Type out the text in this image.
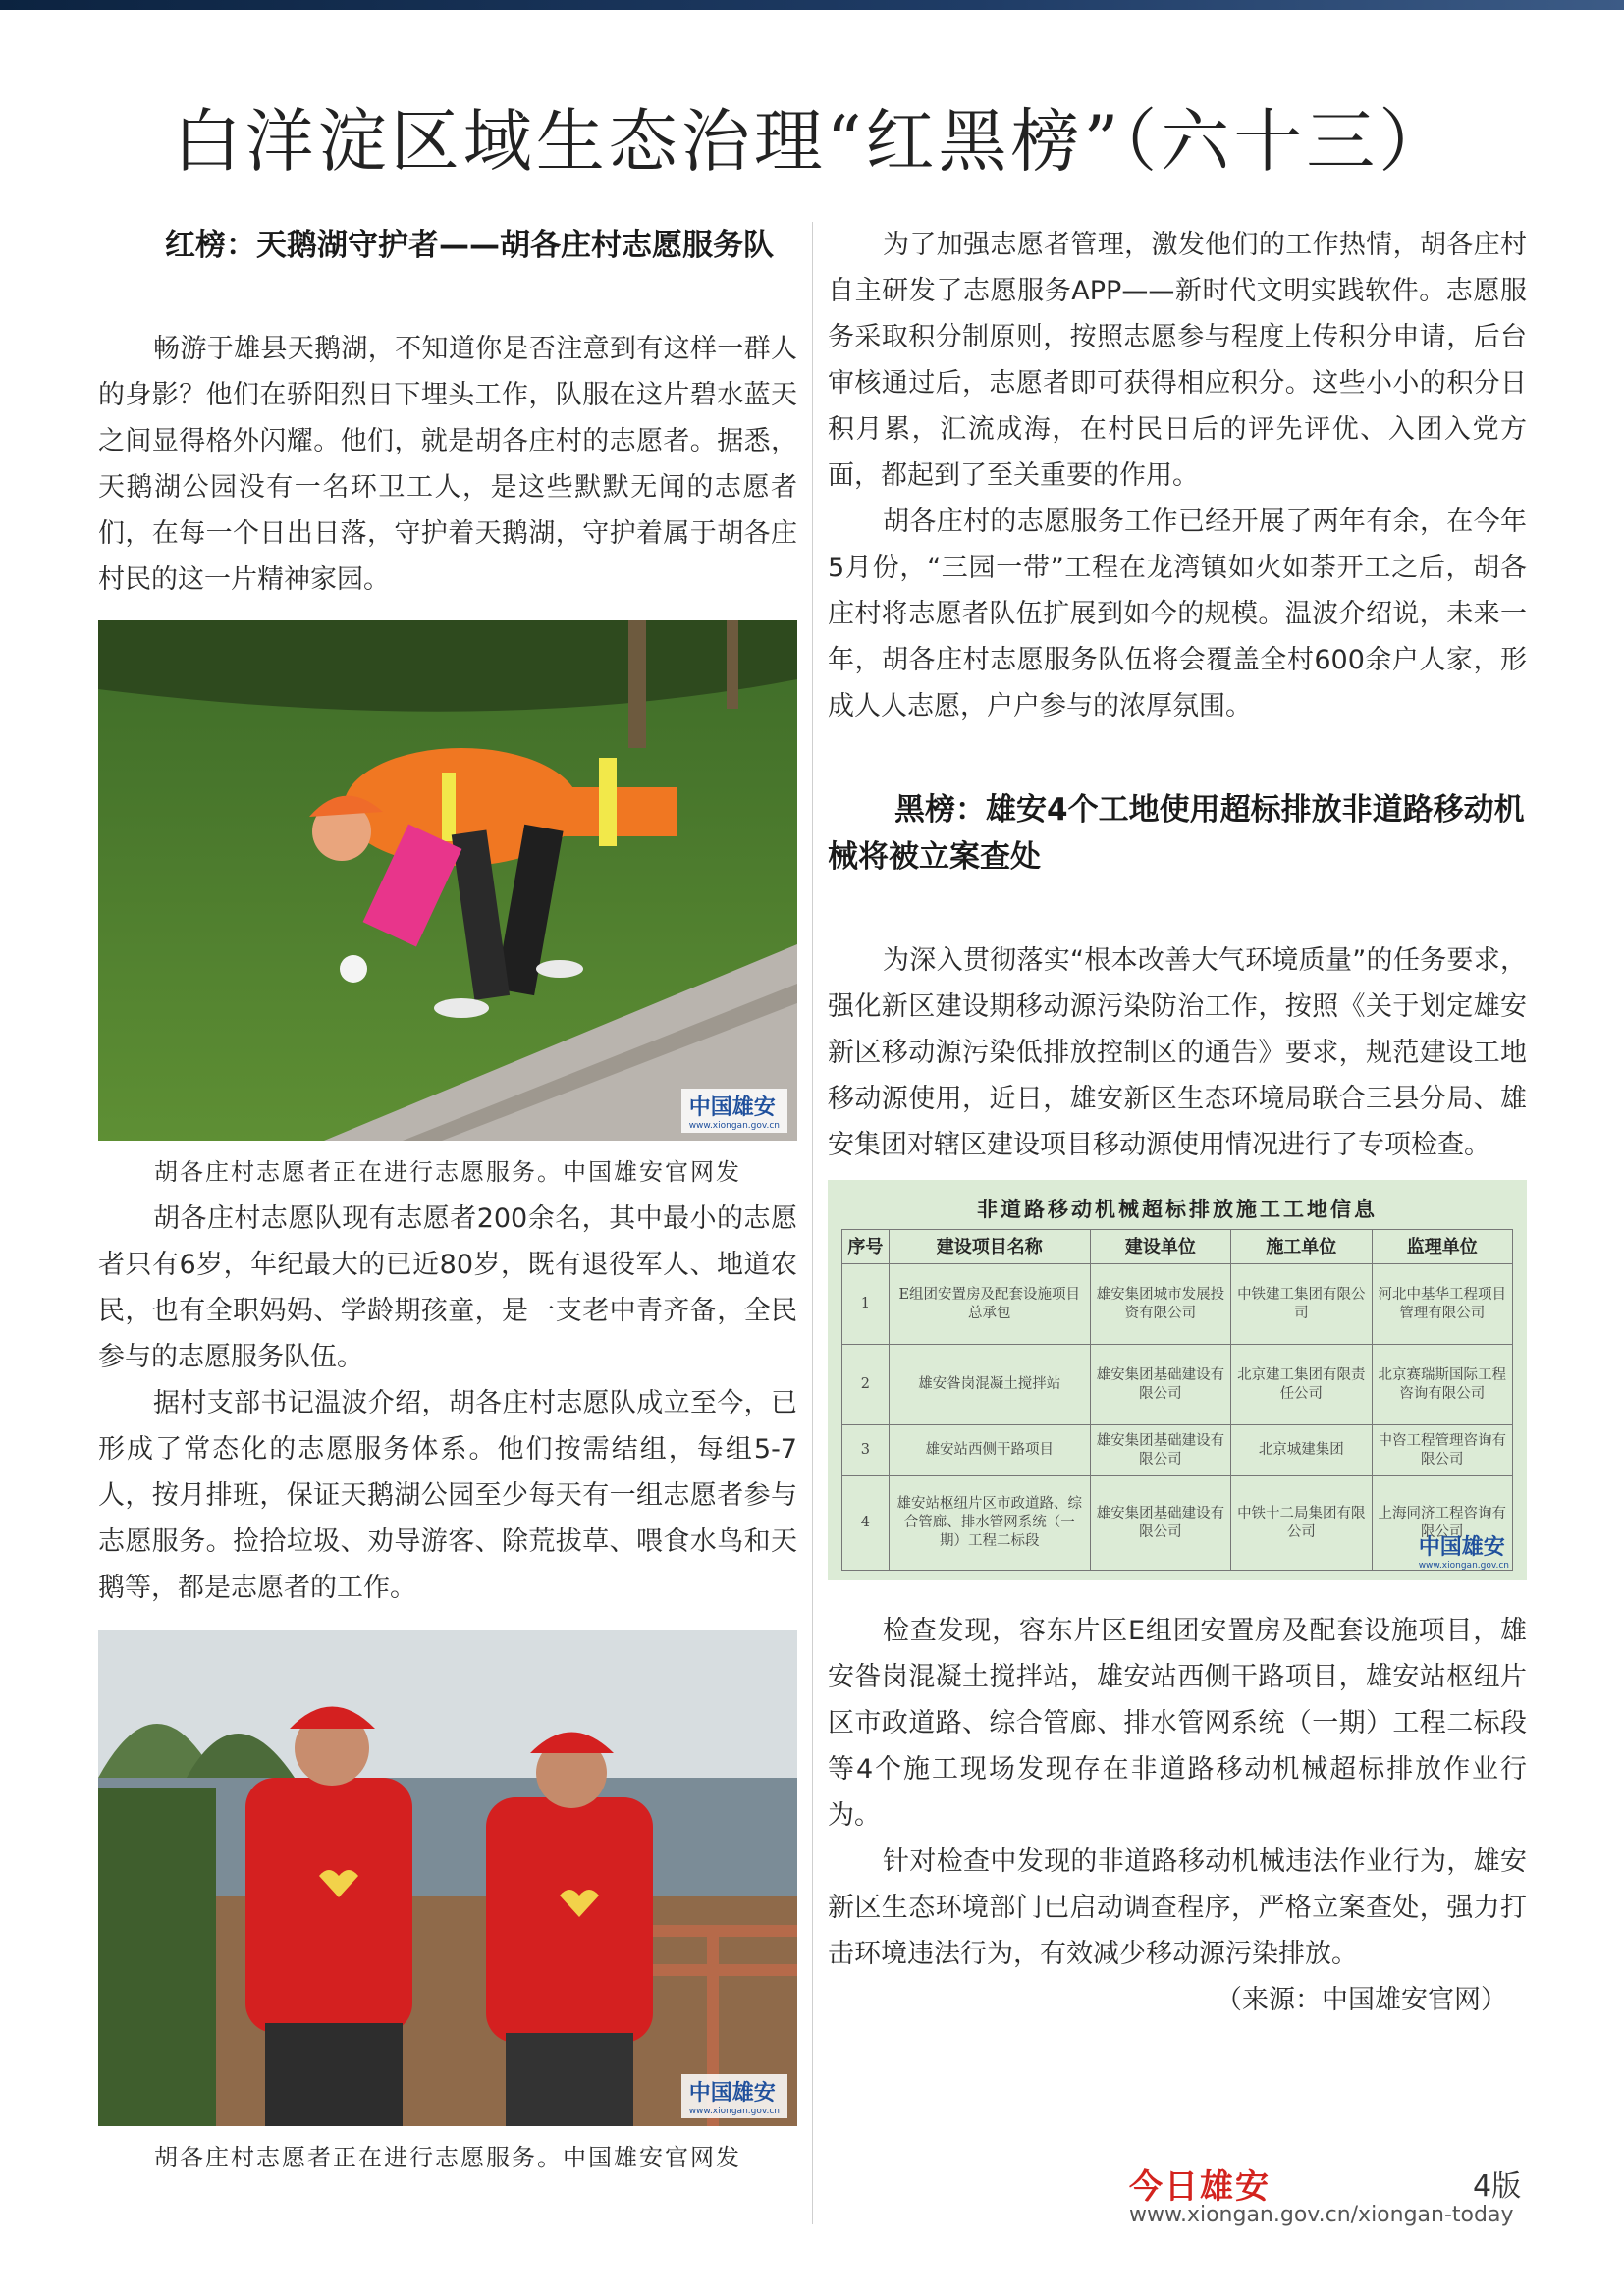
白洋淀区域生态治理“红黑榜”（六十三）

红榜：天鹅湖守护者——胡各庄村志愿服务队

畅游于雄县天鹅湖，不知道你是否注意到有这样一群人的身影？他们在骄阳烈日下埋头工作，队服在这片碧水蓝天之间显得格外闪耀。他们，就是胡各庄村的志愿者。据悉，天鹅湖公园没有一名环卫工人，是这些默默无闻的志愿者们，在每一个日出日落，守护着天鹅湖，守护着属于胡各庄村民的这一片精神家园。

中国雄安
www.xiongan.gov.cn

胡各庄村志愿者正在进行志愿服务。中国雄安官网发

胡各庄村志愿队现有志愿者200余名，其中最小的志愿者只有6岁，年纪最大的已近80岁，既有退役军人、地道农民，也有全职妈妈、学龄期孩童，是一支老中青齐备，全民参与的志愿服务队伍。

据村支部书记温波介绍，胡各庄村志愿队成立至今，已形成了常态化的志愿服务体系。他们按需结组，每组5-7人，按月排班，保证天鹅湖公园至少每天有一组志愿者参与志愿服务。捡拾垃圾、劝导游客、除荒拔草、喂食水鸟和天鹅等，都是志愿者的工作。

中国雄安
www.xiongan.gov.cn

胡各庄村志愿者正在进行志愿服务。中国雄安官网发

为了加强志愿者管理，激发他们的工作热情，胡各庄村自主研发了志愿服务APP——新时代文明实践软件。志愿服务采取积分制原则，按照志愿参与程度上传积分申请，后台审核通过后，志愿者即可获得相应积分。这些小小的积分日积月累，汇流成海，在村民日后的评先评优、入团入党方面，都起到了至关重要的作用。

胡各庄村的志愿服务工作已经开展了两年有余，在今年5月份，“三园一带”工程在龙湾镇如火如荼开工之后，胡各庄村将志愿者队伍扩展到如今的规模。温波介绍说，未来一年，胡各庄村志愿服务队伍将会覆盖全村600余户人家，形成人人志愿，户户参与的浓厚氛围。

黑榜：雄安4个工地使用超标排放非道路移动机械将被立案查处

为深入贯彻落实“根本改善大气环境质量”的任务要求，强化新区建设期移动源污染防治工作，按照《关于划定雄安新区移动源污染低排放控制区的通告》要求，规范建设工地移动源使用，近日，雄安新区生态环境局联合三县分局、雄安集团对辖区建设项目移动源使用情况进行了专项检查。

非道路移动机械超标排放施工工地信息
序号	建设项目名称	建设单位	施工单位	监理单位
1	E组团安置房及配套设施项目总承包	雄安集团城市发展投资有限公司	中铁建工集团有限公司	河北中基华工程项目管理有限公司
2	雄安昝岗混凝土搅拌站	雄安集团基础建设有限公司	北京建工集团有限责任公司	北京赛瑞斯国际工程咨询有限公司
3	雄安站西侧干路项目	雄安集团基础建设有限公司	北京城建集团	中咨工程管理咨询有限公司
4	雄安站枢纽片区市政道路、综合管廊、排水管网系统（一期）工程二标段	雄安集团基础建设有限公司	中铁十二局集团有限公司	上海同济工程咨询有限公司
中国雄安
www.xiongan.gov.cn

检查发现，容东片区E组团安置房及配套设施项目，雄安昝岗混凝土搅拌站，雄安站西侧干路项目，雄安站枢纽片区市政道路、综合管廊、排水管网系统（一期）工程二标段等4个施工现场发现存在非道路移动机械超标排放作业行为。

针对检查中发现的非道路移动机械违法作业行为，雄安新区生态环境部门已启动调查程序，严格立案查处，强力打击环境违法行为，有效减少移动源污染排放。

（来源：中国雄安官网）

今日雄安	4版
www.xiongan.gov.cn/xiongan-today
